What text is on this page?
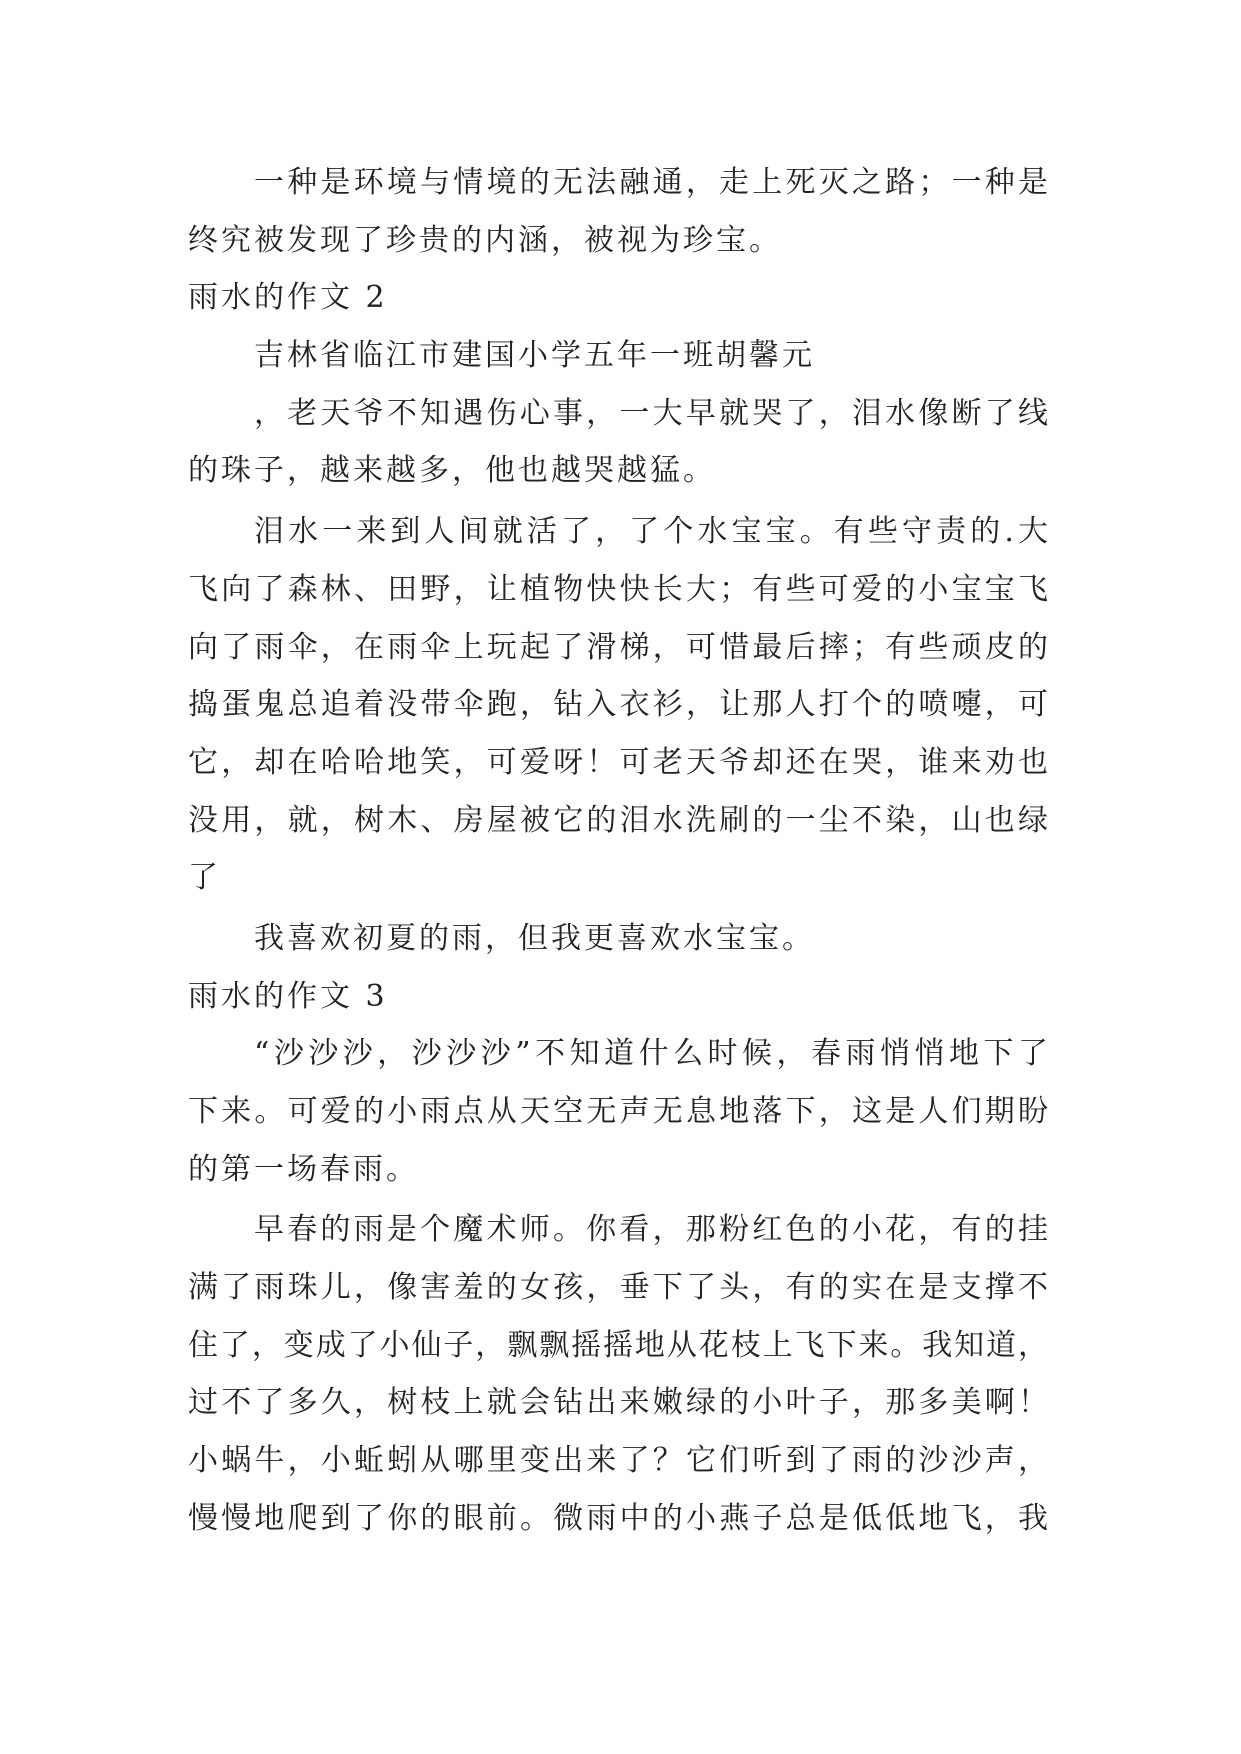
一种是环境与情境的无法融通，走上死灭之路；一种是
终究被发现了珍贵的内涵，被视为珍宝。
雨水的作文 2
吉林省临江市建国小学五年一班胡馨元
，老天爷不知遇伤心事，一大早就哭了，泪水像断了线
的珠子，越来越多，他也越哭越猛。
泪水一来到人间就活了，了个水宝宝。有些守责的.大
飞向了森林、田野，让植物快快长大；有些可爱的小宝宝飞
向了雨伞，在雨伞上玩起了滑梯，可惜最后摔；有些顽皮的
捣蛋鬼总追着没带伞跑，钻入衣衫，让那人打个的喷嚏，可
它，却在哈哈地笑，可爱呀！可老天爷却还在哭，谁来劝也
没用，就，树木、房屋被它的泪水洗刷的一尘不染，山也绿
了
我喜欢初夏的雨，但我更喜欢水宝宝。
雨水的作文 3
“沙沙沙，沙沙沙”不知道什么时候，春雨悄悄地下了
下来。可爱的小雨点从天空无声无息地落下，这是人们期盼
的第一场春雨。
早春的雨是个魔术师。你看，那粉红色的小花，有的挂
满了雨珠儿，像害羞的女孩，垂下了头，有的实在是支撑不
住了，变成了小仙子，飘飘摇摇地从花枝上飞下来。我知道，
过不了多久，树枝上就会钻出来嫩绿的小叶子，那多美啊！
小蜗牛，小蚯蚓从哪里变出来了？它们听到了雨的沙沙声，
慢慢地爬到了你的眼前。微雨中的小燕子总是低低地飞，我
